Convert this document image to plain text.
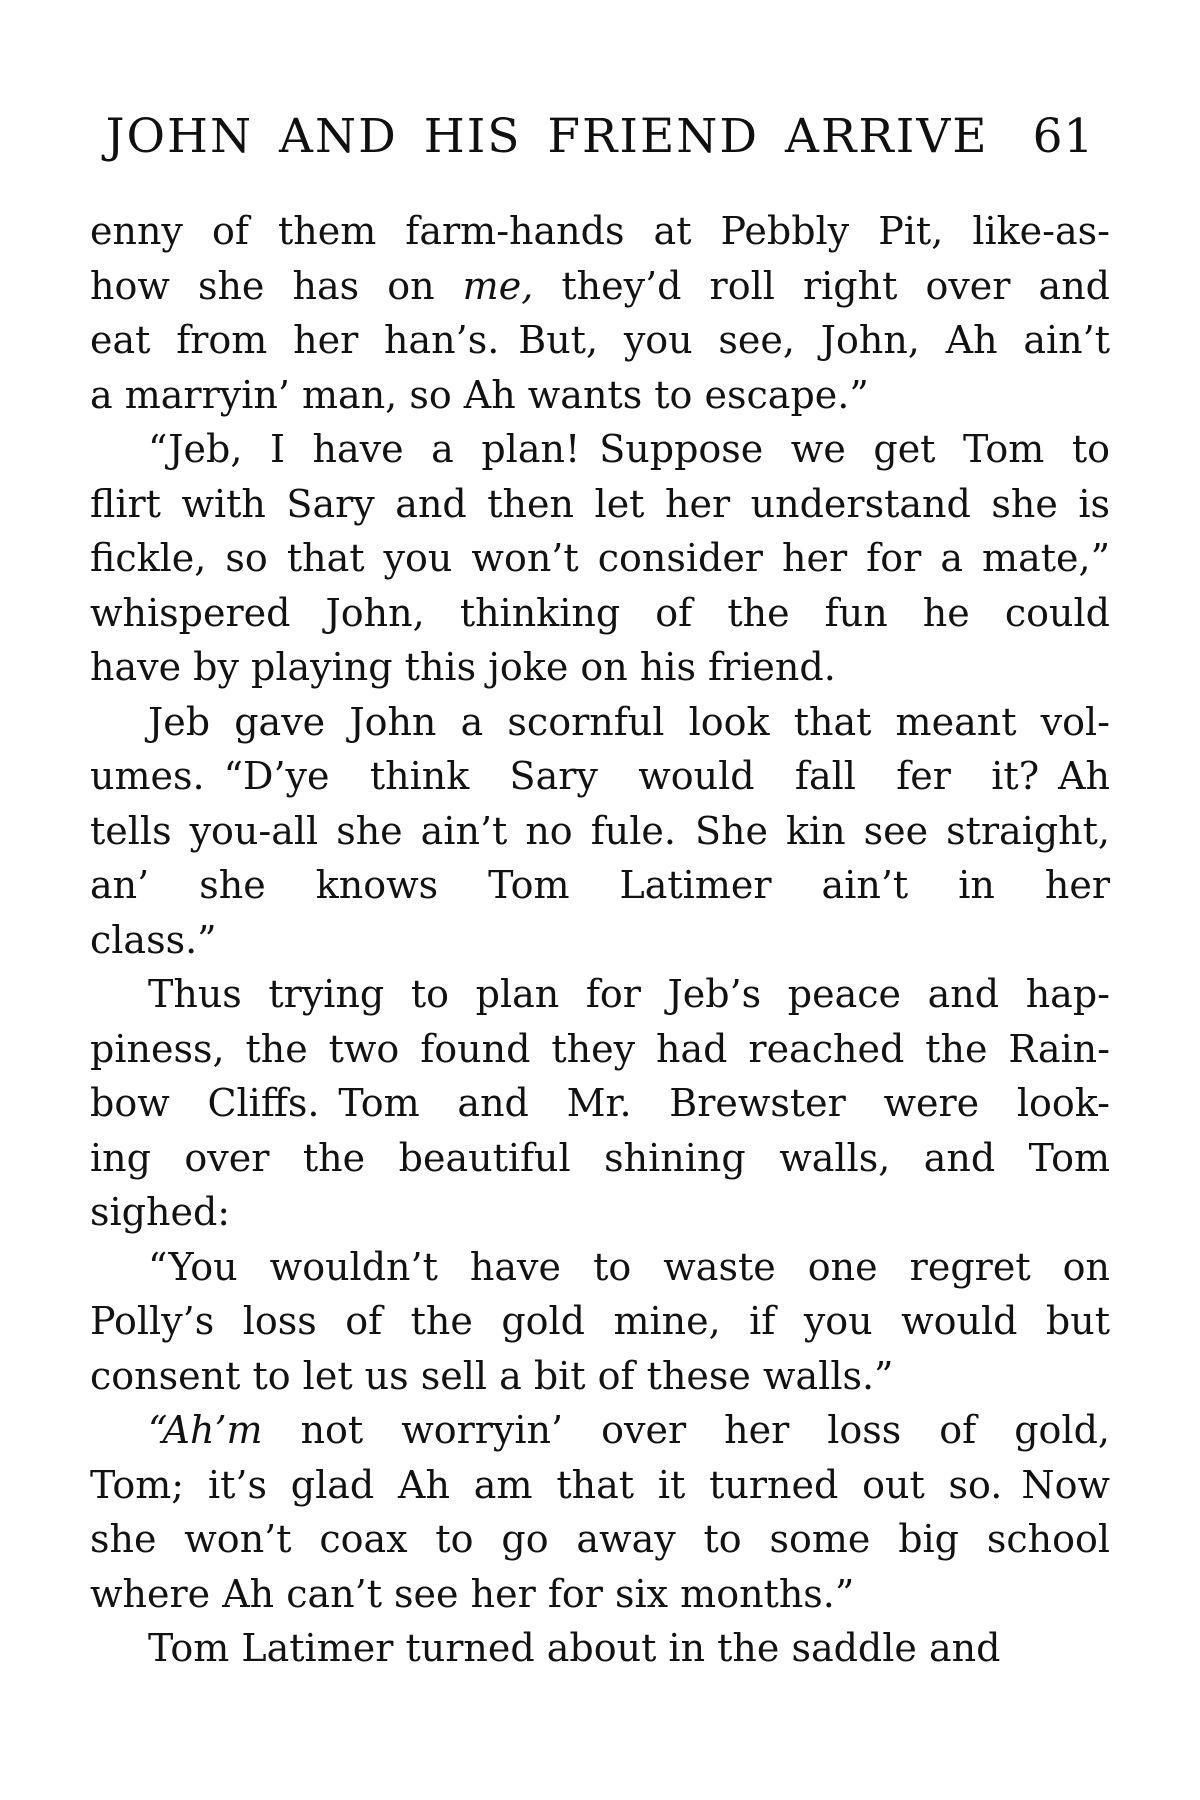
JOHN AND HIS FRIEND ARRIVE 61
enny of them farm-hands at Pebbly Pit, like-as-
how she has on me, they’d roll right over and
eat from her han’s. But, you see, John, Ah ain’t
a marryin’ man, so Ah wants to escape.”
“Jeb, I have a plan! Suppose we get Tom to
flirt with Sary and then let her understand she is
fickle, so that you won’t consider her for a mate,”
whispered John, thinking of the fun he could
have by playing this joke on his friend.
Jeb gave John a scornful look that meant vol-
umes. “D’ye think Sary would fall fer it? Ah
tells you-all she ain’t no fule. She kin see straight,
an’ she knows Tom Latimer ain’t in her
class.”
Thus trying to plan for Jeb’s peace and hap-
piness, the two found they had reached the Rain-
bow Cliffs. Tom and Mr. Brewster were look-
ing over the beautiful shining walls, and Tom
sighed:
“You wouldn’t have to waste one regret on
Polly’s loss of the gold mine, if you would but
consent to let us sell a bit of these walls.”
“Ah’m not worryin’ over her loss of gold,
Tom; it’s glad Ah am that it turned out so. Now
she won’t coax to go away to some big school
where Ah can’t see her for six months.”
Tom Latimer turned about in the saddle and
